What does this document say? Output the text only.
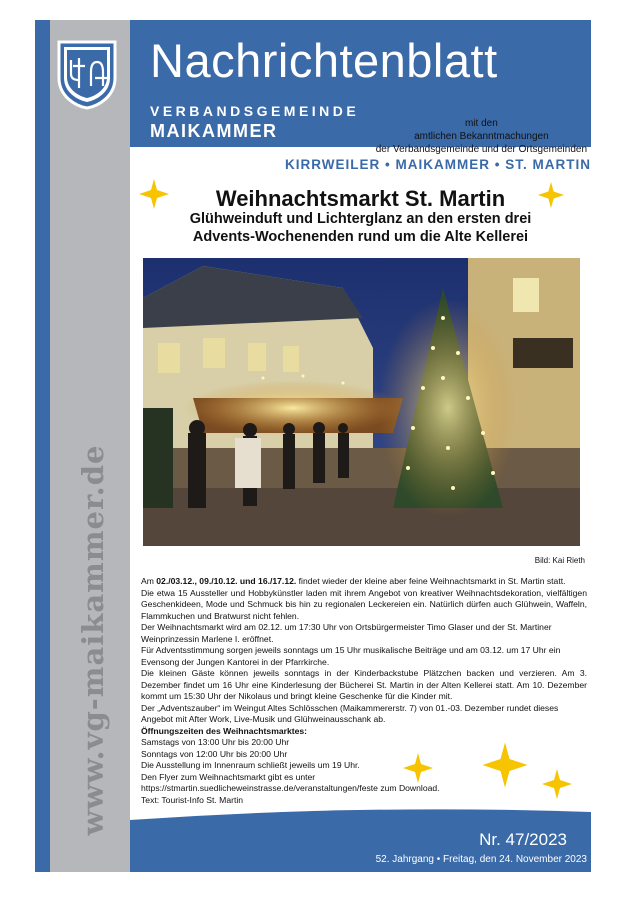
www.vg-maikammer.de
Nachrichtenblatt
VERBANDSGEMEINDE
MAIKAMMER	mit den
amtlichen Bekanntmachungen
der Verbandsgemeinde und der Ortsgemeinden
KIRRWEILER • MAIKAMMER • ST. MARTIN
Weihnachtsmarkt St. Martin
Glühweinduft und Lichterglanz an den ersten drei
Advents-Wochenenden rund um die Alte Kellerei
Bild: Kai Rieth

Am 02./03.12., 09./10.12. und 16./17.12. findet wieder der kleine aber feine Weihnachtsmarkt in St. Martin statt.

Die etwa 15 Aussteller und Hobbykünstler laden mit ihrem Angebot von kreativer Weihnachtsdekoration, vielfältigen Geschenkideen, Mode und Schmuck bis hin zu regionalen Leckereien ein. Natürlich dürfen auch Glühwein, Waffeln, Flammkuchen und Bratwurst nicht fehlen.

Der Weihnachtsmarkt wird am 02.12. um 17:30 Uhr von Ortsbürgermeister Timo Glaser und der St. Martiner Weinprinzessin Marlene I. eröffnet.

Für Adventsstimmung sorgen jeweils sonntags um 15 Uhr musikalische Beiträge und am 03.12. um 17 Uhr ein Evensong der Jungen Kantorei in der Pfarrkirche.

Die kleinen Gäste können jeweils sonntags in der Kinderbackstube Plätzchen backen und verzieren. Am 3. Dezember findet um 16 Uhr eine Kinderlesung der Bücherei St. Martin in der Alten Kellerei statt. Am 10. Dezember kommt um 15:30 Uhr der Nikolaus und bringt kleine Geschenke für die Kinder mit.

Der „Adventszauber“ im Weingut Altes Schlösschen (Maikammererstr. 7) von 01.-03. Dezember rundet dieses Angebot mit After Work, Live-Musik und Glühweinausschank ab.

Öffnungszeiten des Weihnachtsmarktes:

Samstags von 13:00 Uhr bis 20:00 Uhr

Sonntags von 12:00 Uhr bis 20:00 Uhr

Die Ausstellung im Innenraum schließt jeweils um 19 Uhr.

Den Flyer zum Weihnachtsmarkt gibt es unter

https://stmartin.suedlicheweinstrasse.de/veranstaltungen/feste zum Download.

Text: Tourist-Info St. Martin

Nr. 47/2023
52. Jahrgang • Freitag, den 24. November 2023
